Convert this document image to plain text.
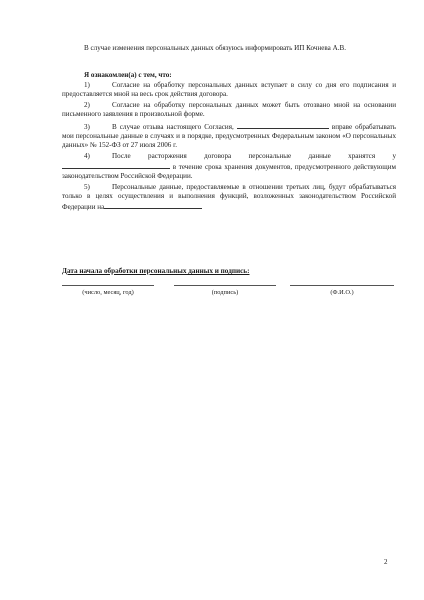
В случае изменения персональных данных обязуюсь информировать ИП Кочнева А.В.
Я ознакомлен(а) с тем, что:

1)	Согласие на обработку персональных данных вступает в силу со дня его подписания и предоставляется мной на весь срок действия договора.

2)	Согласие на обработку персональных данных может быть отозвано мной на основании письменного заявления в произвольной форме.

3)	В случае отзыва настоящего Согласия,	вправе обрабатывать мои персональные данные в случаях и в порядке, предусмотренных Федеральным законом «О персональных данных» № 152-ФЗ от 27 июля 2006 г.

4)	После расторжения договора персональные данные хранятся у  в течение срока хранения документов, предусмотренного действующим законодательством Российской Федерации.

5)	Персональные данные, предоставляемые в отношении третьих лиц, будут обрабатываться только в целях осуществления и выполнения функций, возложенных законодательством Российской Федерации на

Дата начала обработки персональных данных и подпись:
(число, месяц, год)	(подпись)	(Ф.И.О.)
2
